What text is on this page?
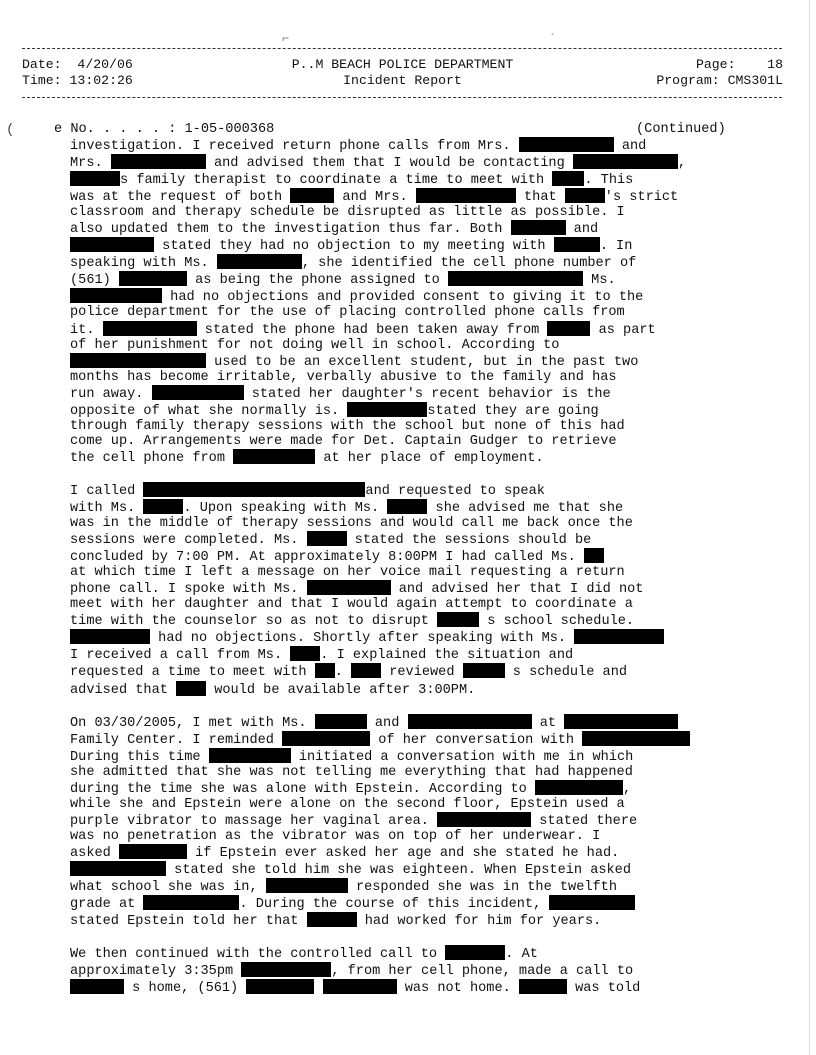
⌐	´
Date: 4/20/06
Time: 13:02:26
P..M BEACH POLICE DEPARTMENT
Incident Report
Page: 18
Program: CMS301L
(	e No. . . . . : 1-05-000368	(Continued)
investigation. I received return phone calls from Mrs.	and
Mrs.	and advised them that I would be contacting	,
s family therapist to coordinate a time to meet with . This
was at the request of both	and Mrs.	that	's strict
classroom and therapy schedule be disrupted as little as possible. I
also updated them to the investigation thus far. Both	and
stated they had no objection to my meeting with	. In
speaking with Ms.	, she identified the cell phone number of
(561)	as being the phone assigned to	Ms.
had no objections and provided consent to giving it to the
police department for the use of placing controlled phone calls from
it.	stated the phone had been taken away from	as part
of her punishment for not doing well in school. According to
used to be an excellent student, but in the past two
months has become irritable, verbally abusive to the family and has
run away.	stated her daughter's recent behavior is the
opposite of what she normally is.	stated they are going
through family therapy sessions with the school but none of this had
come up. Arrangements were made for Det. Captain Gudger to retrieve
the cell phone from	at her place of employment.
I called	and requested to speak
with Ms.	. Upon speaking with Ms.	she advised me that she
was in the middle of therapy sessions and would call me back once the
sessions were completed. Ms.	stated the sessions should be
concluded by 7:00 PM. At approximately 8:00PM I had called Ms.
at which time I left a message on her voice mail requesting a return
phone call. I spoke with Ms.	and advised her that I did not
meet with her daughter and that I would again attempt to coordinate a
time with the counselor so as not to disrupt	s school schedule.
had no objections. Shortly after speaking with Ms.
I received a call from Ms. . I explained the situation and
requested a time to meet with .  reviewed	s schedule and
advised that  would be available after 3:00PM.
On 03/30/2005, I met with Ms.	and	at
Family Center. I reminded	of her conversation with
During this time	initiated a conversation with me in which
she admitted that she was not telling me everything that had happened
during the time she was alone with Epstein. According to	,
while she and Epstein were alone on the second floor, Epstein used a
purple vibrator to massage her vaginal area.	stated there
was no penetration as the vibrator was on top of her underwear. I
asked	if Epstein ever asked her age and she stated he had.
stated she told him she was eighteen. When Epstein asked
what school she was in,	responded she was in the twelfth
grade at	. During the course of this incident,
stated Epstein told her that	had worked for him for years.
We then continued with the controlled call to	. At
approximately 3:35pm	, from her cell phone, made a call to
s home, (561)	was not home.	was told
